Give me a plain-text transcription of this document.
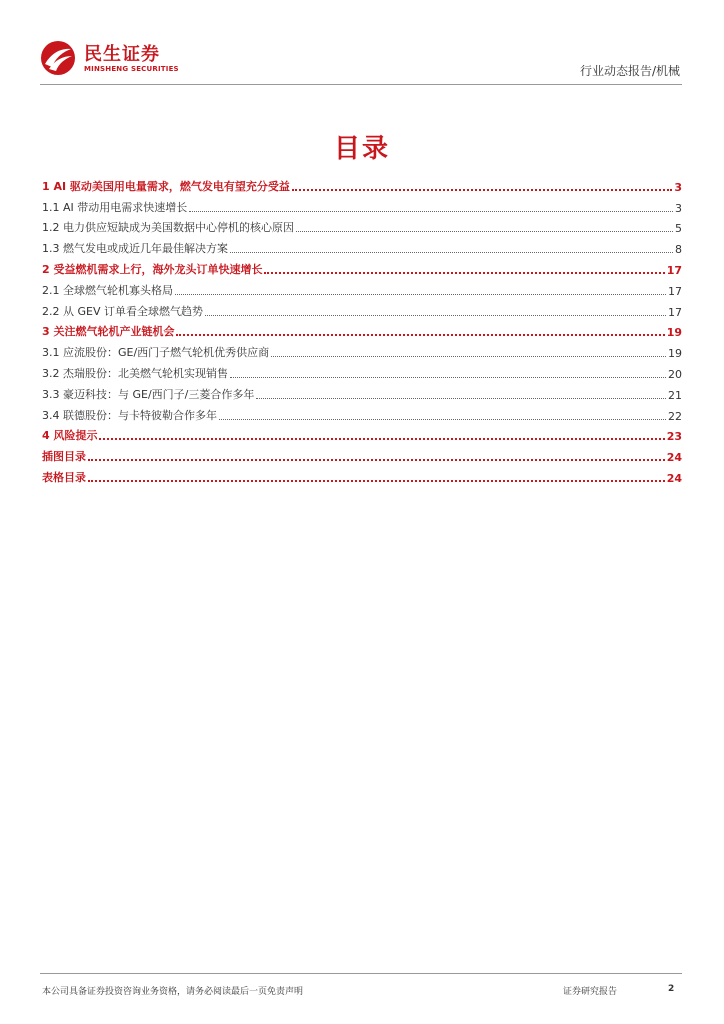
民生证券
MINSHENG SECURITIES	行业动态报告/机械
目录
1 AI 驱动美国用电量需求，燃气发电有望充分受益	3
1.1 AI 带动用电需求快速增长	3
1.2 电力供应短缺成为美国数据中心停机的核心原因	5
1.3 燃气发电或成近几年最佳解决方案	8
2 受益燃机需求上行，海外龙头订单快速增长	17
2.1 全球燃气轮机寡头格局	17
2.2 从 GEV 订单看全球燃气趋势	17
3 关注燃气轮机产业链机会	19
3.1 应流股份：GE/西门子燃气轮机优秀供应商	19
3.2 杰瑞股份：北美燃气轮机实现销售	20
3.3 豪迈科技：与 GE/西门子/三菱合作多年	21
3.4 联德股份：与卡特彼勒合作多年	22
4 风险提示	23
插图目录	24
表格目录	24
本公司具备证券投资咨询业务资格，请务必阅读最后一页免责声明	证券研究报告	2
